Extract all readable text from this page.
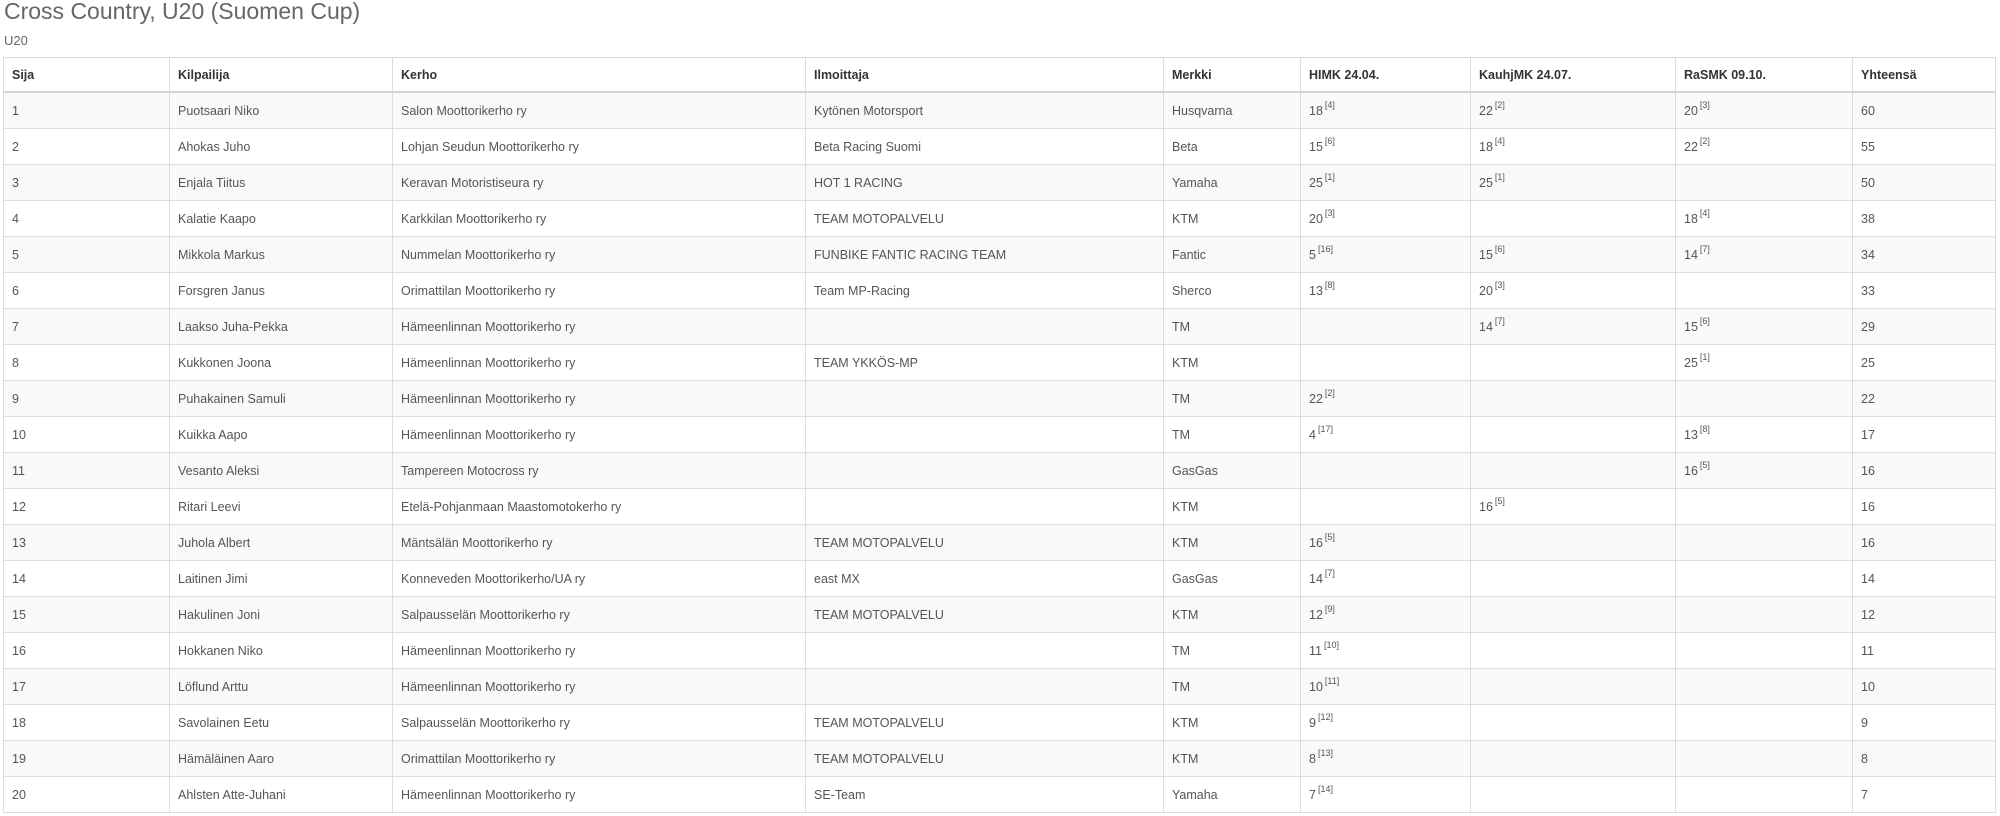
Cross Country, U20 (Suomen Cup)
U20
Sija	Kilpailija	Kerho	Ilmoittaja	Merkki	HIMK 24.04.	KauhjMK 24.07.	RaSMK 09.10.	Yhteensä
1	Puotsaari Niko	Salon Moottorikerho ry	Kytönen Motorsport	Husqvarna	18 [4]	22 [2]	20 [3]	60
2	Ahokas Juho	Lohjan Seudun Moottorikerho ry	Beta Racing Suomi	Beta	15 [6]	18 [4]	22 [2]	55
3	Enjala Tiitus	Keravan Motoristiseura ry	HOT 1 RACING	Yamaha	25 [1]	25 [1]		50
4	Kalatie Kaapo	Karkkilan Moottorikerho ry	TEAM MOTOPALVELU	KTM	20 [3]		18 [4]	38
5	Mikkola Markus	Nummelan Moottorikerho ry	FUNBIKE FANTIC RACING TEAM	Fantic	5 [16]	15 [6]	14 [7]	34
6	Forsgren Janus	Orimattilan Moottorikerho ry	Team MP-Racing	Sherco	13 [8]	20 [3]		33
7	Laakso Juha-Pekka	Hämeenlinnan Moottorikerho ry		TM		14 [7]	15 [6]	29
8	Kukkonen Joona	Hämeenlinnan Moottorikerho ry	TEAM YKKÖS-MP	KTM			25 [1]	25
9	Puhakainen Samuli	Hämeenlinnan Moottorikerho ry		TM	22 [2]			22
10	Kuikka Aapo	Hämeenlinnan Moottorikerho ry		TM	4 [17]		13 [8]	17
11	Vesanto Aleksi	Tampereen Motocross ry		GasGas			16 [5]	16
12	Ritari Leevi	Etelä-Pohjanmaan Maastomotokerho ry		KTM		16 [5]		16
13	Juhola Albert	Mäntsälän Moottorikerho ry	TEAM MOTOPALVELU	KTM	16 [5]			16
14	Laitinen Jimi	Konneveden Moottorikerho/UA ry	east MX	GasGas	14 [7]			14
15	Hakulinen Joni	Salpausselän Moottorikerho ry	TEAM MOTOPALVELU	KTM	12 [9]			12
16	Hokkanen Niko	Hämeenlinnan Moottorikerho ry		TM	11 [10]			11
17	Löflund Arttu	Hämeenlinnan Moottorikerho ry		TM	10 [11]			10
18	Savolainen Eetu	Salpausselän Moottorikerho ry	TEAM MOTOPALVELU	KTM	9 [12]			9
19	Hämäläinen Aaro	Orimattilan Moottorikerho ry	TEAM MOTOPALVELU	KTM	8 [13]			8
20	Ahlsten Atte-Juhani	Hämeenlinnan Moottorikerho ry	SE-Team	Yamaha	7 [14]			7
